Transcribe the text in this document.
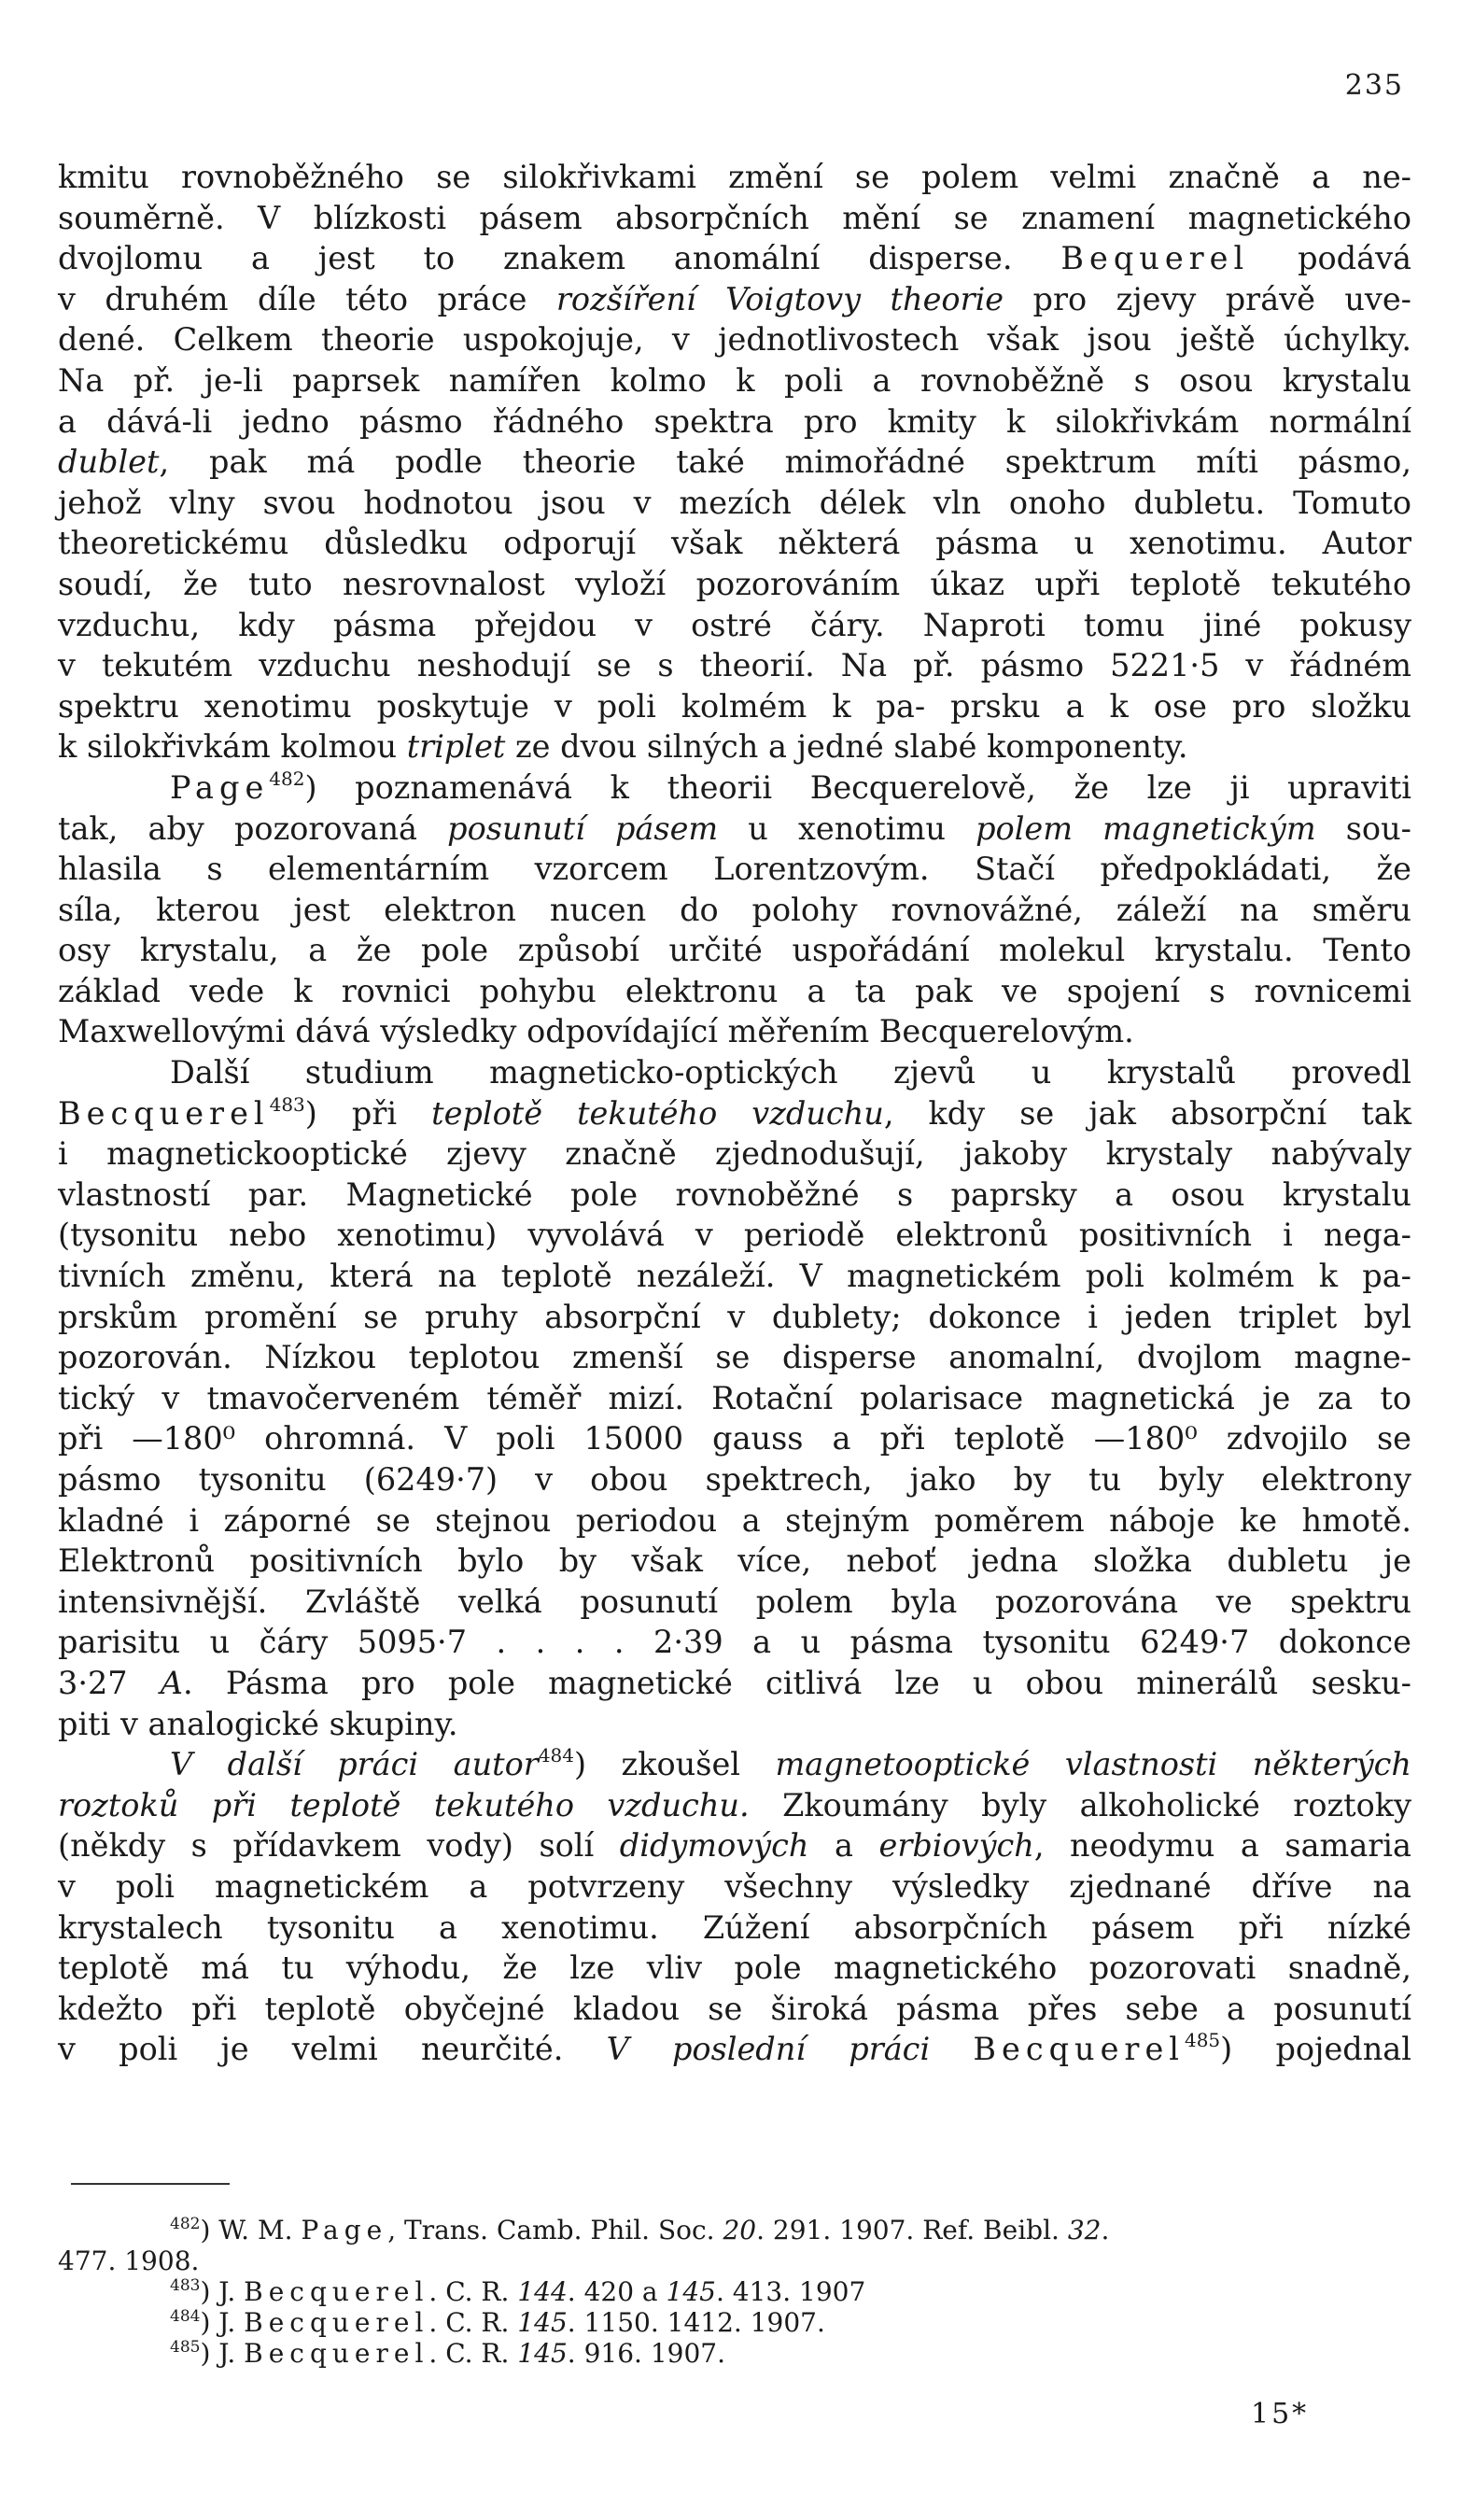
235
kmitu rovnoběžného se silokřivkami změní se polem velmi značně a ne-
souměrně. V blízkosti pásem absorpčních mění se znamení magnetického
dvojlomu a jest to znakem anomální disperse. Bequerel podává
v druhém díle této práce rozšíření Voigtovy theorie pro zjevy právě uve-
dené. Celkem theorie uspokojuje, v jednotlivostech však jsou ještě úchylky.
Na př. je-li paprsek namířen kolmo k poli a rovnoběžně s osou krystalu
a dává-li jedno pásmo řádného spektra pro kmity k silokřivkám normální
dublet, pak má podle theorie také mimořádné spektrum míti pásmo,
jehož vlny svou hodnotou jsou v mezích délek vln onoho dubletu. Tomuto
theoretickému důsledku odporují však některá pásma u xenotimu. Autor
soudí, že tuto nesrovnalost vyloží pozorováním úkaz upři teplotě tekutého
vzduchu, kdy pásma přejdou v ostré čáry. Naproti tomu jiné pokusy
v tekutém vzduchu neshodují se s theorií. Na př. pásmo 5221·5 v řádném
spektru xenotimu poskytuje v poli kolmém k pa- prsku a k ose pro složku
k silokřivkám kolmou triplet ze dvou silných a jedné slabé komponenty.
Page$^{482}$) poznamenává k theorii Becquerelově, že lze ji upraviti
tak, aby pozorovaná posunutí pásem u xenotimu polem magnetickým sou-
hlasila s elementárním vzorcem Lorentzovým. Stačí předpokládati, že
síla, kterou jest elektron nucen do polohy rovnovážné, záleží na směru
osy krystalu, a že pole způsobí určité uspořádání molekul krystalu. Tento
základ vede k rovnici pohybu elektronu a ta pak ve spojení s rovnicemi
Maxwellovými dává výsledky odpovídající měřením Becquerelovým.
Další studium magneticko-optických zjevů u krystalů provedl
Becquerel$^{483}$) při teplotě tekutého vzduchu, kdy se jak absorpční tak
i magnetickooptické zjevy značně zjednodušují, jakoby krystaly nabývaly
vlastností par. Magnetické pole rovnoběžné s paprsky a osou krystalu
(tysonitu nebo xenotimu) vyvolává v periodě elektronů positivních i nega-
tivních změnu, která na teplotě nezáleží. V magnetickém poli kolmém k pa-
prskům promění se pruhy absorpční v dublety; dokonce i jeden triplet byl
pozorován. Nízkou teplotou zmenší se disperse anomalní, dvojlom magne-
tický v tmavočerveném téměř mizí. Rotační polarisace magnetická je za to
při —180⁰ ohromná. V poli 15000 gauss a při teplotě —180⁰ zdvojilo se
pásmo tysonitu (6249·7) v obou spektrech, jako by tu byly elektrony
kladné i záporné se stejnou periodou a stejným poměrem náboje ke hmotě.
Elektronů positivních bylo by však více, neboť jedna složka dubletu je
intensivnější. Zvláště velká posunutí polem byla pozorována ve spektru
parisitu u čáry 5095·7 . . . . 2·39 a u pásma tysonitu 6249·7 dokonce
3·27 A. Pásma pro pole magnetické citlivá lze u obou minerálů sesku-
piti v analogické skupiny.
V další práci autor$^{484}$) zkoušel magnetooptické vlastnosti některých
roztoků při teplotě tekutého vzduchu. Zkoumány byly alkoholické roztoky
(někdy s přídavkem vody) solí didymových a erbiových, neodymu a samaria
v poli magnetickém a potvrzeny všechny výsledky zjednané dříve na
krystalech tysonitu a xenotimu. Zúžení absorpčních pásem při nízké
teplotě má tu výhodu, že lze vliv pole magnetického pozorovati snadně,
kdežto při teplotě obyčejné kladou se široká pásma přes sebe a posunutí
v poli je velmi neurčité. V poslední práci Becquerel$^{485}$) pojednal
$^{482}$) W. M. Page, Trans. Camb. Phil. Soc. 20. 291. 1907. Ref. Beibl. 32.
477. 1908.
$^{483}$) J. Becquerel. C. R. 144. 420 a 145. 413. 1907
$^{484}$) J. Becquerel. C. R. 145. 1150. 1412. 1907.
$^{485}$) J. Becquerel. C. R. 145. 916. 1907.
15*
